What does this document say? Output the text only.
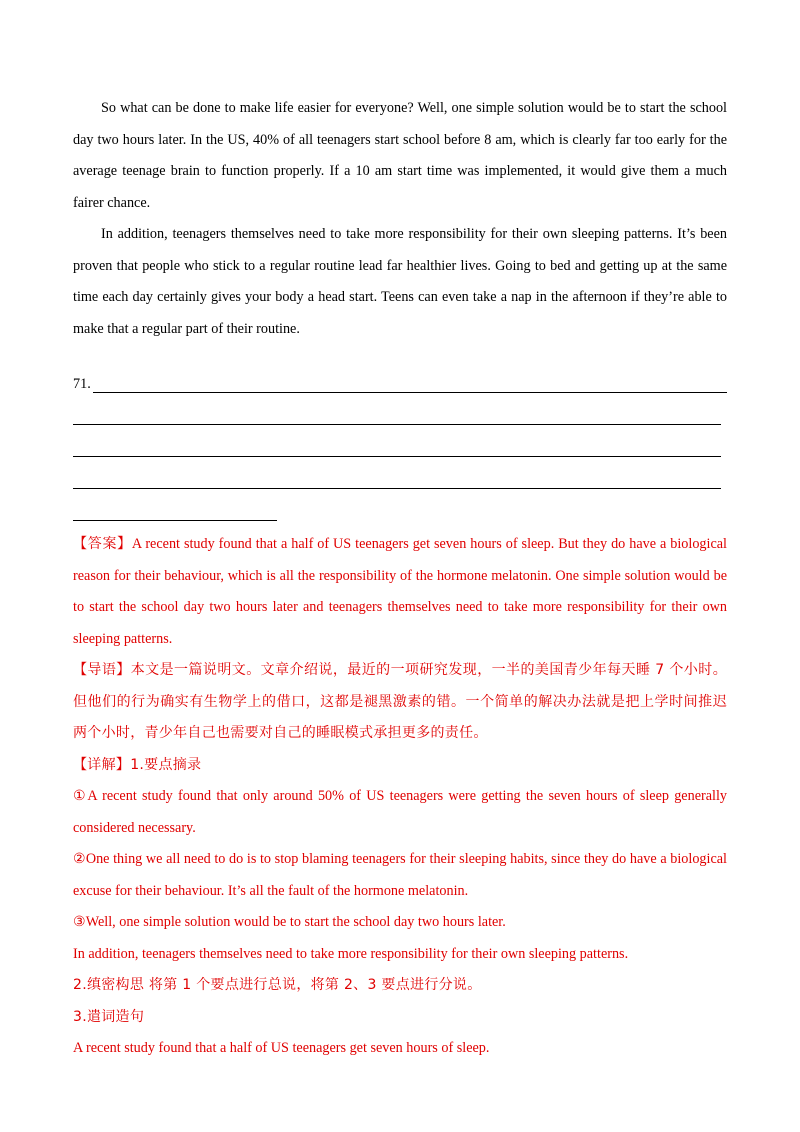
So what can be done to make life easier for everyone? Well, one simple solution would be to start the school day two hours later. In the US, 40% of all teenagers start school before 8 am, which is clearly far too early for the average teenage brain to function properly. If a 10 am start time was implemented, it would give them a much fairer chance.

In addition, teenagers themselves need to take more responsibility for their own sleeping patterns. It’s been proven that people who stick to a regular routine lead far healthier lives. Going to bed and getting up at the same time each day certainly gives your body a head start. Teens can even take a nap in the afternoon if they’re able to make that a regular part of their routine.

71.

【答案】A recent study found that a half of US teenagers get seven hours of sleep. But they do have a biological reason for their behaviour, which is all the responsibility of the hormone melatonin. One simple solution would be to start the school day two hours later and teenagers themselves need to take more responsibility for their own sleeping patterns.

【导语】本文是一篇说明文。文章介绍说，最近的一项研究发现，一半的美国青少年每天睡 7 个小时。但他们的行为确实有生物学上的借口，这都是褪黑激素的错。一个简单的解决办法就是把上学时间推迟两个小时，青少年自己也需要对自己的睡眠模式承担更多的责任。

【详解】1.要点摘录

①A recent study found that only around 50% of US teenagers were getting the seven hours of sleep generally considered necessary.

②One thing we all need to do is to stop blaming teenagers for their sleeping habits, since they do have a biological excuse for their behaviour. It’s all the fault of the hormone melatonin.

③Well, one simple solution would be to start the school day two hours later.

In addition, teenagers themselves need to take more responsibility for their own sleeping patterns.

2.缜密构思 将第 1 个要点进行总说，将第 2、3 要点进行分说。

3.遣词造句

A recent study found that a half of US teenagers get seven hours of sleep.
